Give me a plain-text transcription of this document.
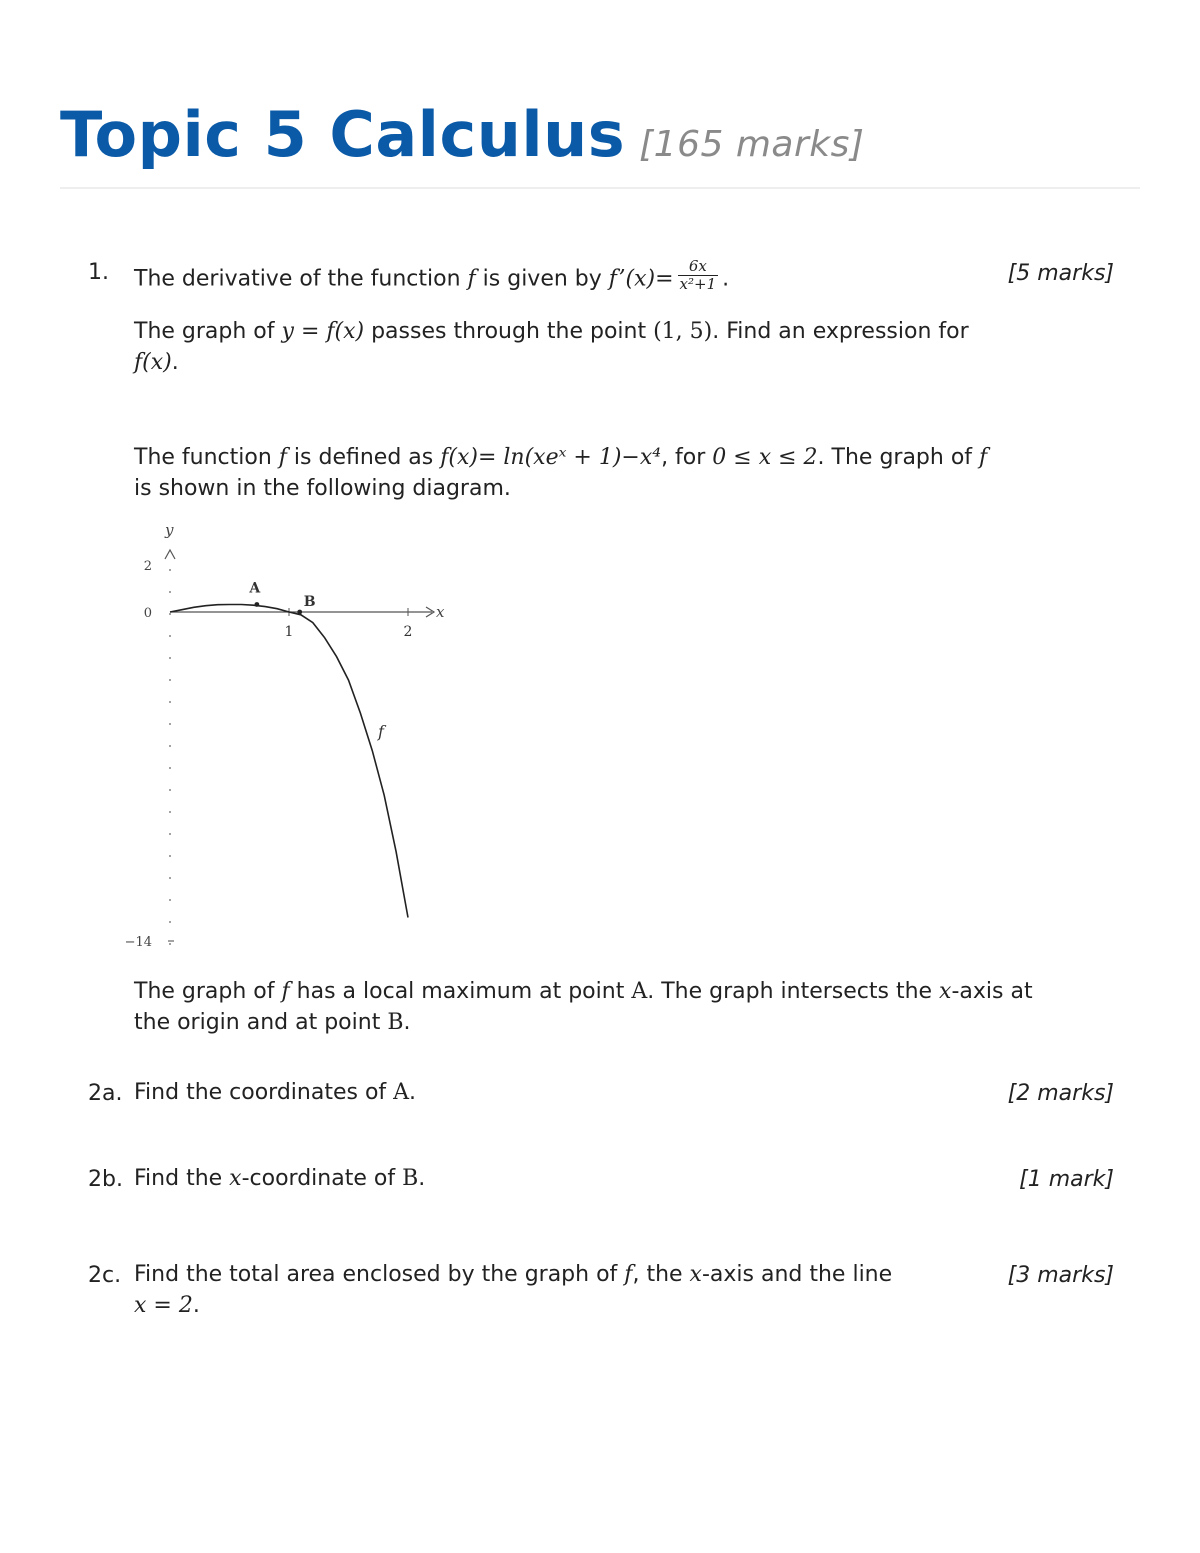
Topic 5 Calculus [165 marks]
1.	[5 marks]
The derivative of the function f is given by f’(x)= $\frac{6x}{\text{x²+1}}$ .
The graph of y = f(x) passes through the point (1, 5). Find an expression for
f(x).
The function f is defined as f(x)= ln(xeˣ + 1)−x⁴, for 0 ≤ x ≤ 2. The graph of f
is shown in the following diagram.
x
y
2
0
−14
1	2
f
A
B
The graph of f has a local maximum at point A. The graph intersects the x-axis at
the origin and at point B.
2a. Find the coordinates of A.	[2 marks]
2b. Find the x-coordinate of B.	[1 mark]
2c. Find the total area enclosed by the graph of f, the x-axis and the line
x = 2.
[3 marks]
